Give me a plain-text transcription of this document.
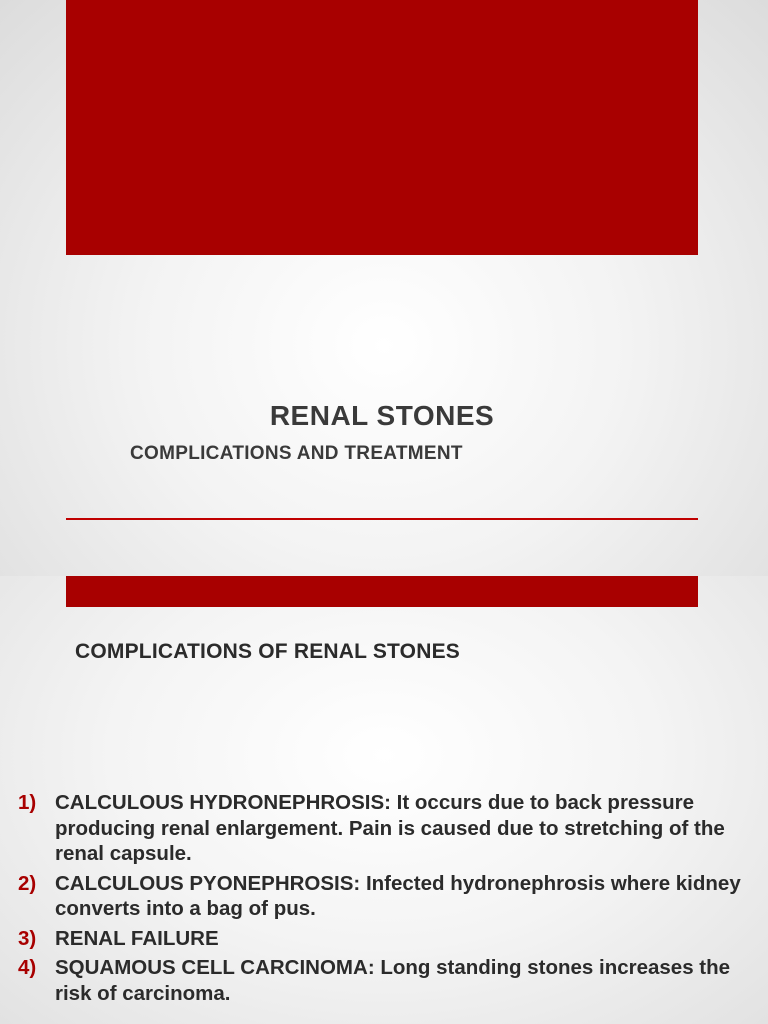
RENAL STONES
COMPLICATIONS AND TREATMENT
COMPLICATIONS OF RENAL STONES
1) CALCULOUS HYDRONEPHROSIS: It occurs due to back pressure producing renal enlargement. Pain is caused due to stretching of the renal capsule.
2) CALCULOUS PYONEPHROSIS: Infected hydronephrosis where kidney converts into a bag of pus.
3) RENAL FAILURE
4) SQUAMOUS CELL CARCINOMA: Long standing stones increases the risk of carcinoma.
